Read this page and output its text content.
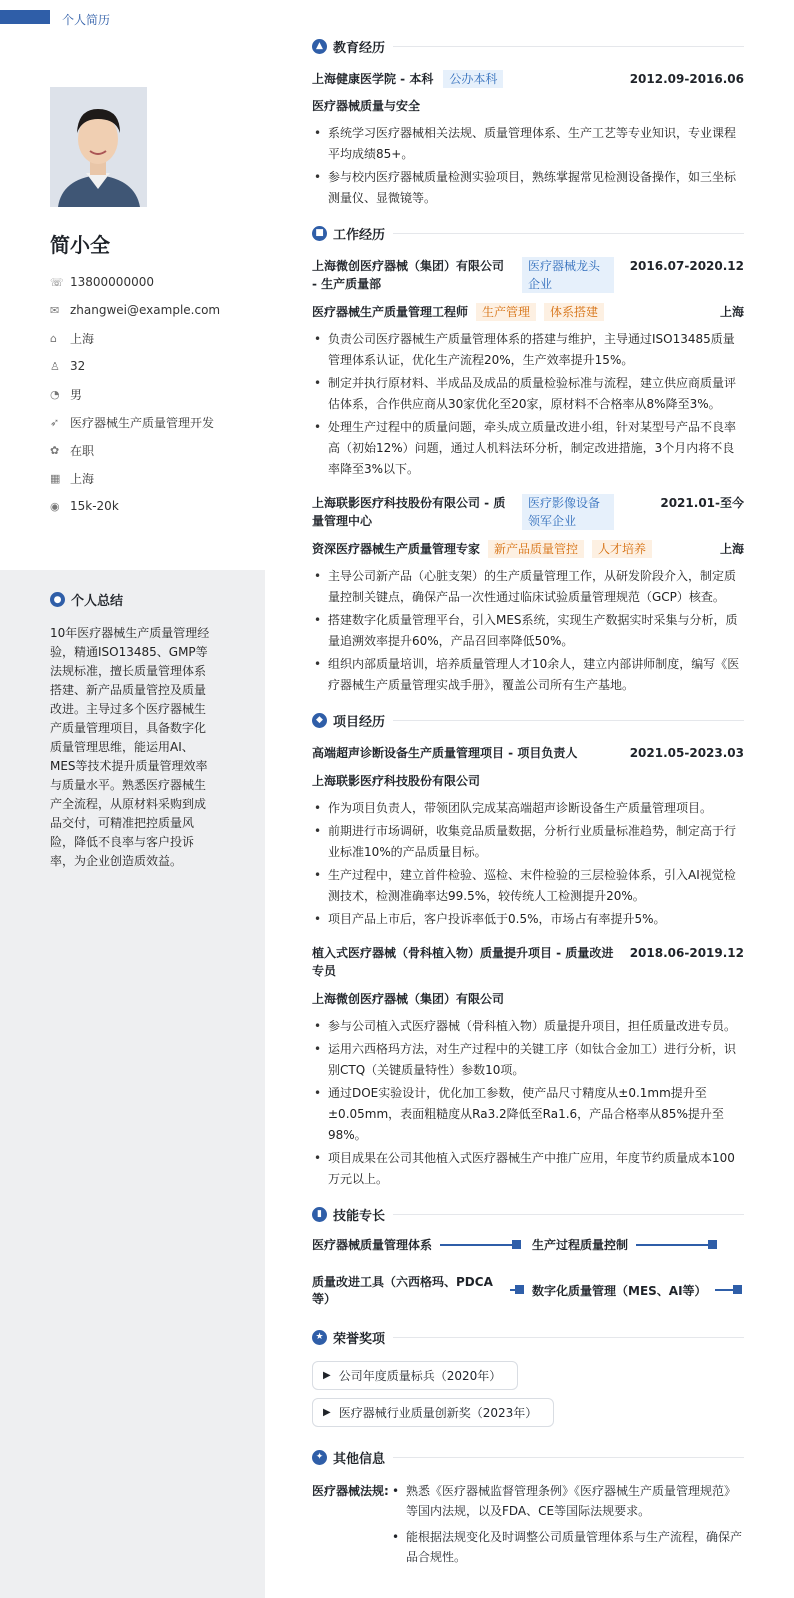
个人简历
简小全
☏ 13800000000
✉ zhangwei@example.com
⌂	上海
♙ 32
◔ 男
➶ 医疗器械生产质量管理开发
✿ 在职
▦ 上海
◉ 15k-20k
● 个人总结
10年医疗器械生产质量管理经验，精通ISO13485、GMP等法规标准，擅长质量管理体系搭建、新产品质量管控及质量改进。主导过多个医疗器械生产质量管理项目，具备数字化质量管理思维，能运用AI、MES等技术提升质量管理效率与质量水平。熟悉医疗器械生产全流程，从原材料采购到成品交付，可精准把控质量风险，降低不良率与客户投诉率，为企业创造质效益。
▲ 教育经历
上海健康医学院 - 本科	公办本科	2012.09-2016.06
医疗器械质量与安全
• 系统学习医疗器械相关法规、质量管理体系、生产工艺等专业知识，专业课程平均成绩85+。
• 参与校内医疗器械质量检测实验项目，熟练掌握常见检测设备操作，如三坐标测量仪、显微镜等。
■ 工作经历
上海微创医疗器械（集团）有限公司 - 生产质量部
医疗器械龙头企业
2016.07-2020.12
医疗器械生产质量管理工程师 生产管理 体系搭建	上海
• 负责公司医疗器械生产质量管理体系的搭建与维护，主导通过ISO13485质量管理体系认证，优化生产流程20%，生产效率提升15%。
• 制定并执行原材料、半成品及成品的质量检验标准与流程，建立供应商质量评估体系，合作供应商从30家优化至20家，原材料不合格率从8%降至3%。
• 处理生产过程中的质量问题，牵头成立质量改进小组，针对某型号产品不良率高（初始12%）问题，通过人机料法环分析，制定改进措施，3个月内将不良率降至3%以下。
上海联影医疗科技股份有限公司 - 质量管理中心
医疗影像设备领军企业
2021.01-至今
资深医疗器械生产质量管理专家 新产品质量管控 人才培养	上海
• 主导公司新产品（心脏支架）的生产质量管理工作，从研发阶段介入，制定质量控制关键点，确保产品一次性通过临床试验质量管理规范（GCP）核查。
• 搭建数字化质量管理平台，引入MES系统，实现生产数据实时采集与分析，质量追溯效率提升60%，产品召回率降低50%。
• 组织内部质量培训，培养质量管理人才10余人，建立内部讲师制度，编写《医疗器械生产质量管理实战手册》，覆盖公司所有生产基地。
◆ 项目经历
高端超声诊断设备生产质量管理项目 - 项目负责人	2021.05-2023.03
上海联影医疗科技股份有限公司
• 作为项目负责人，带领团队完成某高端超声诊断设备生产质量管理项目。
• 前期进行市场调研，收集竞品质量数据，分析行业质量标准趋势，制定高于行业标准10%的产品质量目标。
• 生产过程中，建立首件检验、巡检、末件检验的三层检验体系，引入AI视觉检测技术，检测准确率达99.5%，较传统人工检测提升20%。
• 项目产品上市后，客户投诉率低于0.5%，市场占有率提升5%。
植入式医疗器械（骨科植入物）质量提升项目 - 质量改进专员
2018.06-2019.12
上海微创医疗器械（集团）有限公司
• 参与公司植入式医疗器械（骨科植入物）质量提升项目，担任质量改进专员。
• 运用六西格玛方法，对生产过程中的关键工序（如钛合金加工）进行分析，识别CTQ（关键质量特性）参数10项。
• 通过DOE实验设计，优化加工参数，使产品尺寸精度从±0.1mm提升至±0.05mm，表面粗糙度从Ra3.2降低至Ra1.6，产品合格率从85%提升至98%。
• 项目成果在公司其他植入式医疗器械生产中推广应用，年度节约质量成本100万元以上。
▮ 技能专长
医疗器械质量管理体系	生产过程质量控制
质量改进工具（六西格玛、PDCA等）
数字化质量管理（MES、AI等）
★ 荣誉奖项
▶ 公司年度质量标兵（2020年）
▶ 医疗器械行业质量创新奖（2023年）
✦ 其他信息
医疗器械法规:
•	熟悉《医疗器械监督管理条例》《医疗器械生产质量管理规范》等国内法规，以及FDA、CE等国际法规要求。
• 能根据法规变化及时调整公司质量管理体系与生产流程，确保产品合规性。
